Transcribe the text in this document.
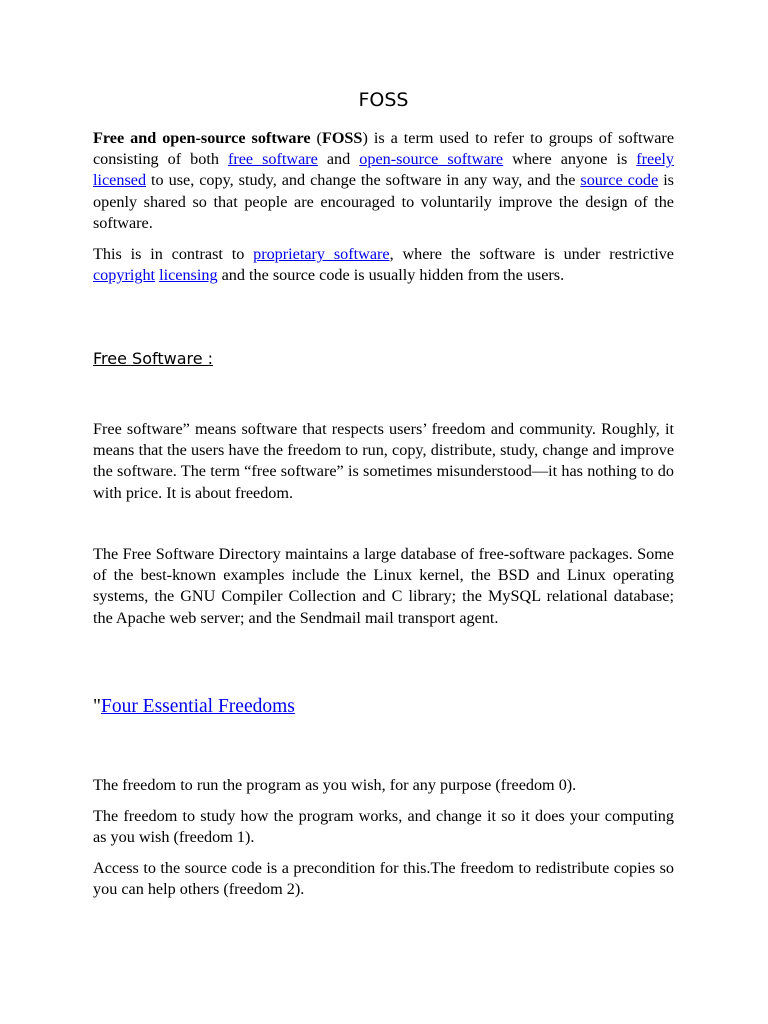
FOSS

Free and open-source software (FOSS) is a term used to refer to groups of software consisting of both free software and open-source software where anyone is freely licensed to use, copy, study, and change the software in any way, and the source code is openly shared so that people are encouraged to voluntarily improve the design of the software.

This is in contrast to proprietary software, where the software is under restrictive copyright licensing and the source code is usually hidden from the users.

Free Software :

Free software” means software that respects users’ freedom and community. Roughly, it means that the users have the freedom to run, copy, distribute, study, change and improve the software. The term “free software” is sometimes misunderstood—it has nothing to do with price. It is about freedom.

The Free Software Directory maintains a large database of free-software packages. Some of the best-known examples include the Linux kernel, the BSD and Linux operating systems, the GNU Compiler Collection and C library; the MySQL relational database; the Apache web server; and the Sendmail mail transport agent.

"Four Essential Freedoms

The freedom to run the program as you wish, for any purpose (freedom 0).

The freedom to study how the program works, and change it so it does your computing as you wish (freedom 1).

Access to the source code is a precondition for this.The freedom to redistribute copies so you can help others (freedom 2).
